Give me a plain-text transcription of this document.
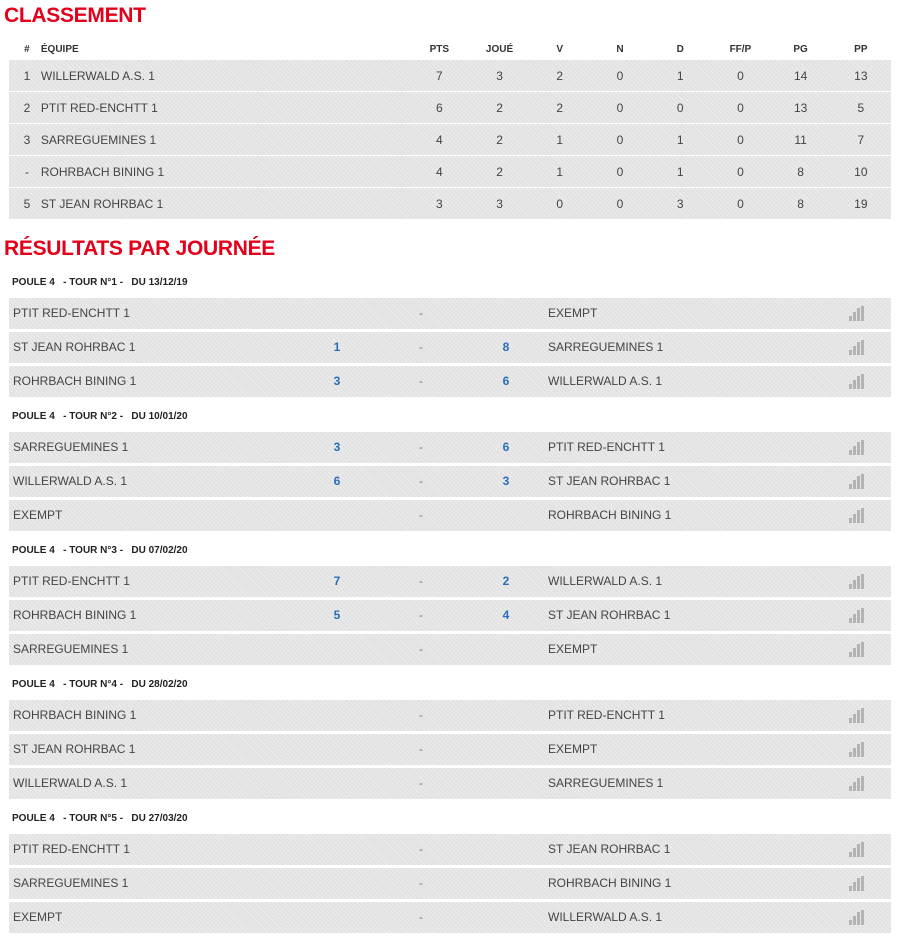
CLASSEMENT
#	ÉQUIPE	PTS	JOUÉ	V	N	D	FF/P	PG	PP
1 WILLERWALD A.S. 1	7	3	2	0	1	0	14	13
2 PTIT RED-ENCHTT 1	6	2	2	0	0	0	13	5
3 SARREGUEMINES 1	4	2	1	0	1	0	11	7
- ROHRBACH BINING 1	4	2	1	0	1	0	8	10
5 ST JEAN ROHRBAC 1	3	3	0	0	3	0	8	19
RÉSULTATS PAR JOURNÉE
POULE 4   - TOUR N°1 -   DU 13/12/19
PTIT RED-ENCHTT 1	-	EXEMPT
ST JEAN ROHRBAC 1	1	-	8	SARREGUEMINES 1
ROHRBACH BINING 1	3	-	6	WILLERWALD A.S. 1
POULE 4   - TOUR N°2 -   DU 10/01/20
SARREGUEMINES 1	3	-	6	PTIT RED-ENCHTT 1
WILLERWALD A.S. 1	6	-	3	ST JEAN ROHRBAC 1
EXEMPT	-	ROHRBACH BINING 1
POULE 4   - TOUR N°3 -   DU 07/02/20
PTIT RED-ENCHTT 1	7	-	2	WILLERWALD A.S. 1
ROHRBACH BINING 1	5	-	4	ST JEAN ROHRBAC 1
SARREGUEMINES 1	-	EXEMPT
POULE 4   - TOUR N°4 -   DU 28/02/20
ROHRBACH BINING 1	-	PTIT RED-ENCHTT 1
ST JEAN ROHRBAC 1	-	EXEMPT
WILLERWALD A.S. 1	-	SARREGUEMINES 1
POULE 4   - TOUR N°5 -   DU 27/03/20
PTIT RED-ENCHTT 1	-	ST JEAN ROHRBAC 1
SARREGUEMINES 1	-	ROHRBACH BINING 1
EXEMPT	-	WILLERWALD A.S. 1
